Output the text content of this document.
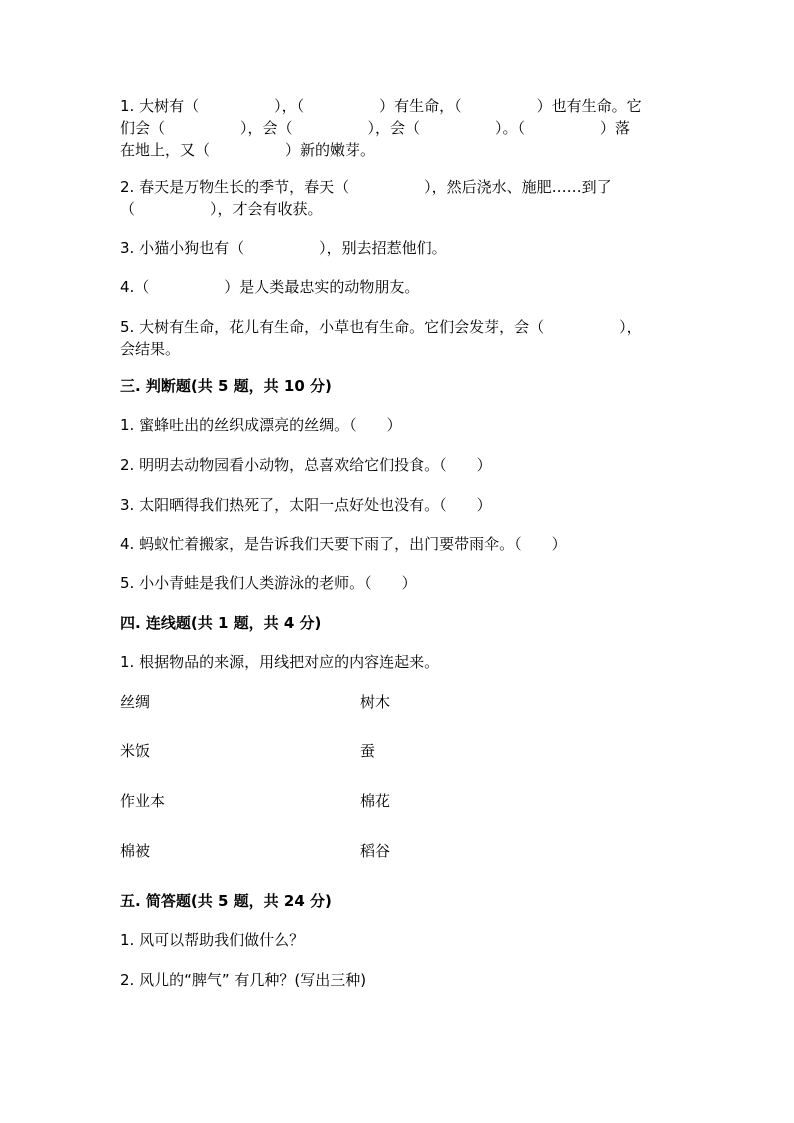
1. 大树有（　　　　　），（　　　　　）有生命，（　　　　　）也有生命。它
们会（　　　　　），会（　　　　　），会（　　　　　）。（　　　　　）落
在地上，又（　　　　　）新的嫩芽。
2. 春天是万物生长的季节，春天（　　　　　），然后浇水、施肥……到了
（　　　　　），才会有收获。
3. 小猫小狗也有（　　　　　），别去招惹他们。
4.（　　　　　）是人类最忠实的动物朋友。
5. 大树有生命，花儿有生命，小草也有生命。它们会发芽，会（　　　　　），
会结果。
三. 判断题(共 5 题，共 10 分)
1. 蜜蜂吐出的丝织成漂亮的丝绸。（　　）
2. 明明去动物园看小动物，总喜欢给它们投食。（　　）
3. 太阳晒得我们热死了，太阳一点好处也没有。（　　）
4. 蚂蚁忙着搬家，是告诉我们天要下雨了，出门要带雨伞。（　　）
5. 小小青蛙是我们人类游泳的老师。（　　）
四. 连线题(共 1 题，共 4 分)
1. 根据物品的来源，用线把对应的内容连起来。
丝绸	树木
米饭	蚕
作业本	棉花
棉被	稻谷
五. 简答题(共 5 题，共 24 分)
1. 风可以帮助我们做什么？
2. 风儿的“脾气” 有几种？(写出三种)
